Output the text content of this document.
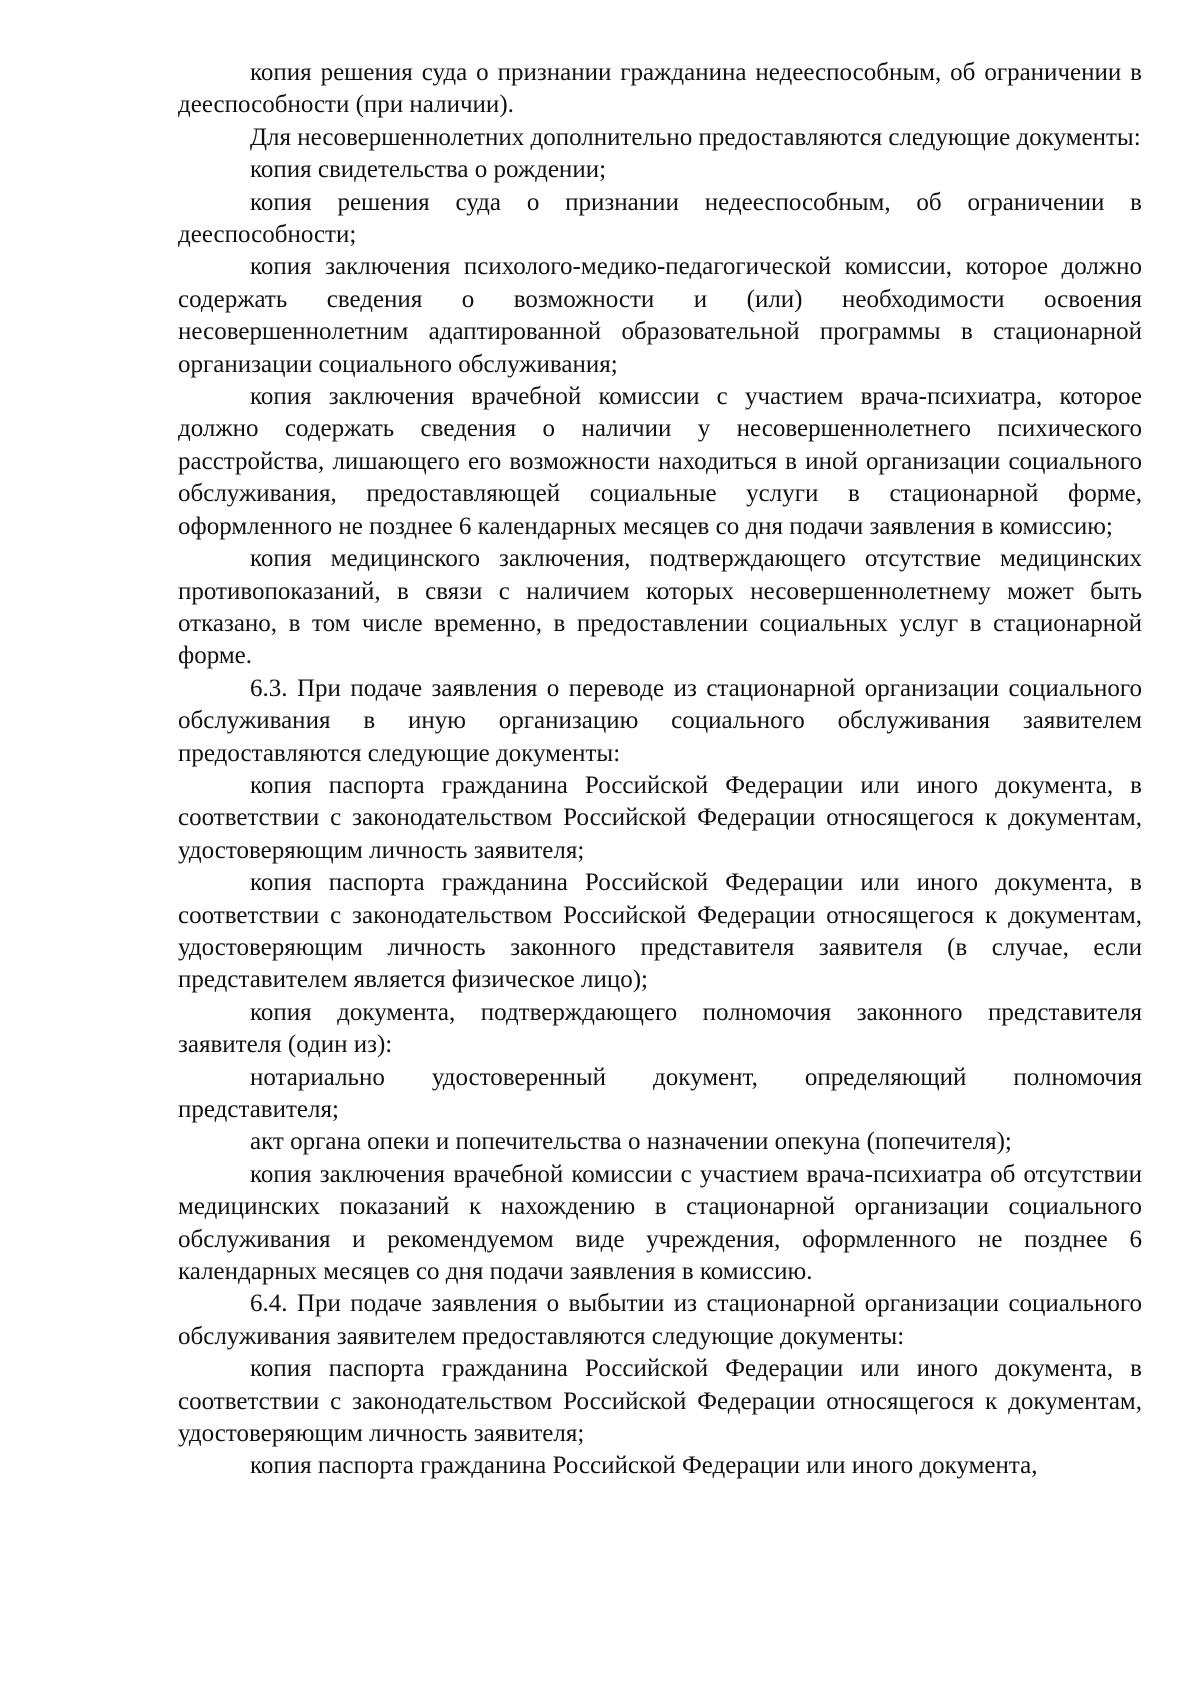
копия решения суда о признании гражданина недееспособным, об ограничении в дееспособности (при наличии).

Для несовершеннолетних дополнительно предоставляются следующие документы:

копия свидетельства о рождении;

копия решения суда о признании недееспособным, об ограничении в дееспособности;

копия заключения психолого-медико-педагогической комиссии, которое должно содержать сведения о возможности и (или) необходимости освоения несовершеннолетним адаптированной образовательной программы в стационарной организации социального обслуживания;

копия заключения врачебной комиссии с участием врача-психиатра, которое должно содержать сведения о наличии у несовершеннолетнего психического расстройства, лишающего его возможности находиться в иной организации социального обслуживания, предоставляющей социальные услуги в стационарной форме, оформленного не позднее 6 календарных месяцев со дня подачи заявления в комиссию;

копия медицинского заключения, подтверждающего отсутствие медицинских противопоказаний, в связи с наличием которых несовершеннолетнему может быть отказано, в том числе временно, в предоставлении социальных услуг в стационарной форме.

6.3. При подаче заявления о переводе из стационарной организации социального обслуживания в иную организацию социального обслуживания заявителем предоставляются следующие документы:

копия паспорта гражданина Российской Федерации или иного документа, в соответствии с законодательством Российской Федерации относящегося к документам, удостоверяющим личность заявителя;

копия паспорта гражданина Российской Федерации или иного документа, в соответствии с законодательством Российской Федерации относящегося к документам, удостоверяющим личность законного представителя заявителя (в случае, если представителем является физическое лицо);

копия документа, подтверждающего полномочия законного представителя заявителя (один из):

нотариально удостоверенный документ, определяющий полномочия представителя;

акт органа опеки и попечительства о назначении опекуна (попечителя);

копия заключения врачебной комиссии с участием врача-психиатра об отсутствии медицинских показаний к нахождению в стационарной организации социального обслуживания и рекомендуемом виде учреждения, оформленного не позднее 6 календарных месяцев со дня подачи заявления в комиссию.

6.4. При подаче заявления о выбытии из стационарной организации социального обслуживания заявителем предоставляются следующие документы:

копия паспорта гражданина Российской Федерации или иного документа, в соответствии с законодательством Российской Федерации относящегося к документам, удостоверяющим личность заявителя;

копия паспорта гражданина Российской Федерации или иного документа,
